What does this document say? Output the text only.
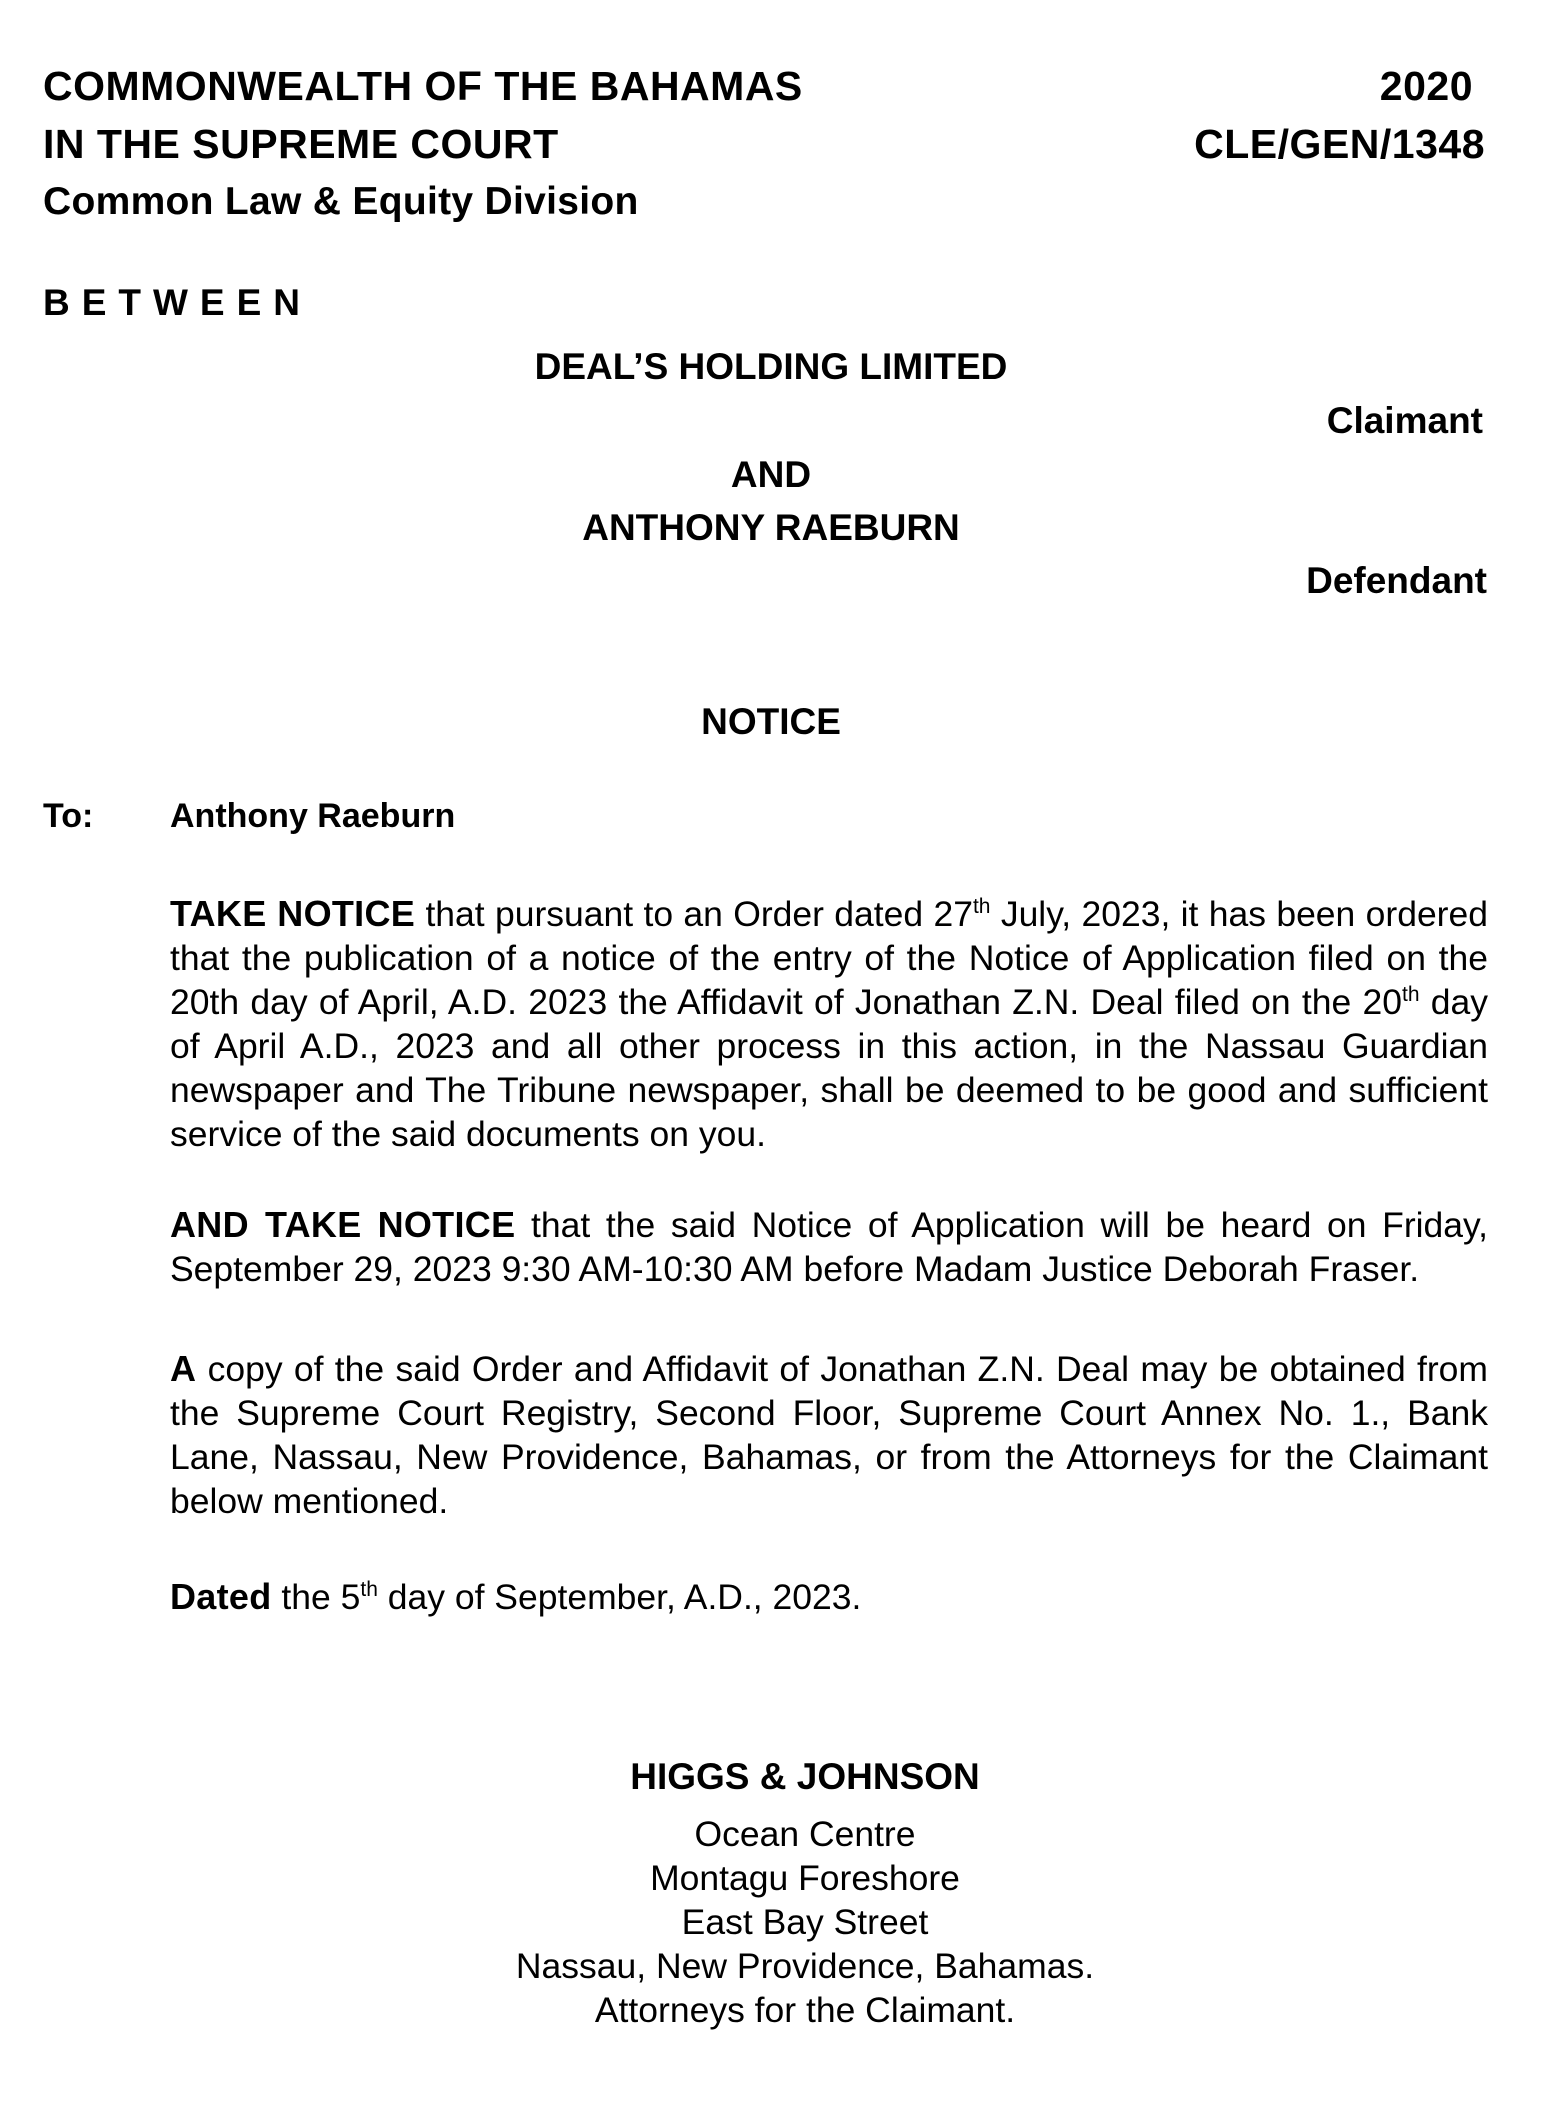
COMMONWEALTH OF THE BAHAMAS
IN THE SUPREME COURT
Common Law & Equity Division
2020
CLE/GEN/1348
BETWEEN
DEAL’S HOLDING LIMITED
Claimant
AND
ANTHONY RAEBURN
Defendant
NOTICE
To: Anthony Raeburn
TAKE NOTICE that pursuant to an Order dated 27th July, 2023, it has been ordered that the publication of a notice of the entry of the Notice of Application filed on the 20th day of April, A.D. 2023 the Affidavit of Jonathan Z.N. Deal filed on the 20th day of April A.D., 2023 and all other process in this action, in the Nassau Guardian newspaper and The Tribune newspaper, shall be deemed to be good and sufficient service of the said documents on you.
AND TAKE NOTICE that the said Notice of Application will be heard on Friday, September 29, 2023 9:30 AM-10:30 AM before Madam Justice Deborah Fraser.
A copy of the said Order and Affidavit of Jonathan Z.N. Deal may be obtained from the Supreme Court Registry, Second Floor, Supreme Court Annex No. 1., Bank Lane, Nassau, New Providence, Bahamas, or from the Attorneys for the Claimant below mentioned.
Dated the 5th day of September, A.D., 2023.
HIGGS & JOHNSON
Ocean Centre
Montagu Foreshore
East Bay Street
Nassau, New Providence, Bahamas.
Attorneys for the Claimant.
